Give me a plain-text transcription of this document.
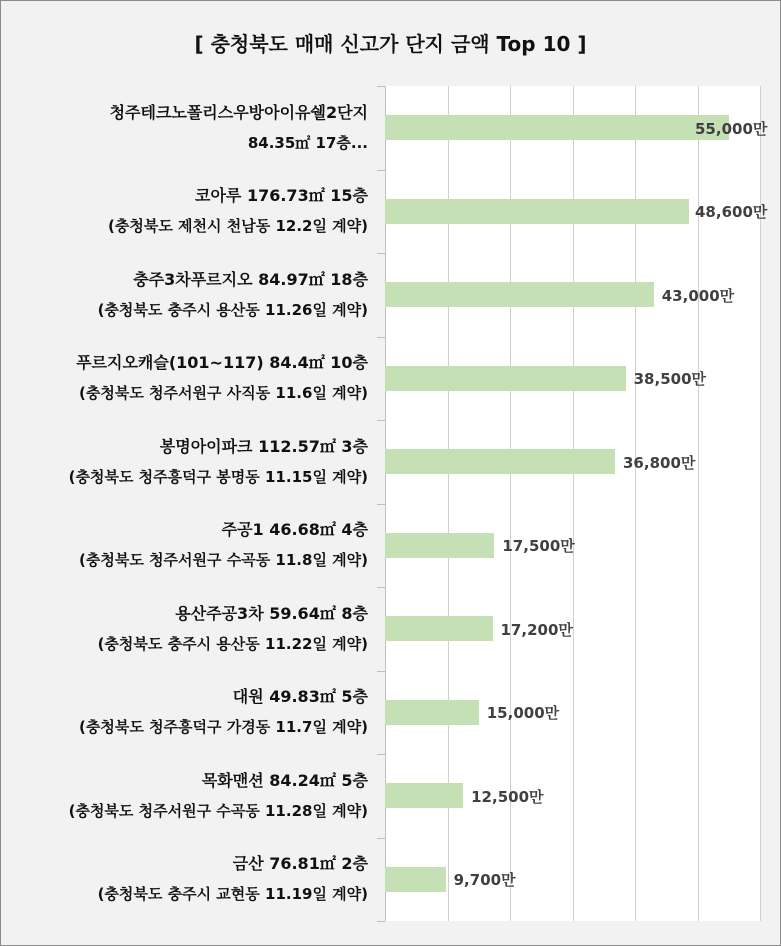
[ 충청북도 매매 신고가 단지 금액 Top 10 ]
55,000만
청주테크노폴리스우방아이유쉘2단지
84.35㎡ 17층...
48,600만
코아루 176.73㎡ 15층
(충청북도 제천시 천남동 12.2일 계약)
43,000만
충주3차푸르지오 84.97㎡ 18층
(충청북도 충주시 용산동 11.26일 계약)
38,500만
푸르지오캐슬(101~117) 84.4㎡ 10층
(충청북도 청주서원구 사직동 11.6일 계약)
36,800만
봉명아이파크 112.57㎡ 3층
(충청북도 청주흥덕구 봉명동 11.15일 계약)
17,500만
주공1 46.68㎡ 4층
(충청북도 청주서원구 수곡동 11.8일 계약)
17,200만
용산주공3차 59.64㎡ 8층
(충청북도 충주시 용산동 11.22일 계약)
15,000만
대원 49.83㎡ 5층
(충청북도 청주흥덕구 가경동 11.7일 계약)
12,500만
목화맨션 84.24㎡ 5층
(충청북도 청주서원구 수곡동 11.28일 계약)
9,700만
금산 76.81㎡ 2층
(충청북도 충주시 교현동 11.19일 계약)
